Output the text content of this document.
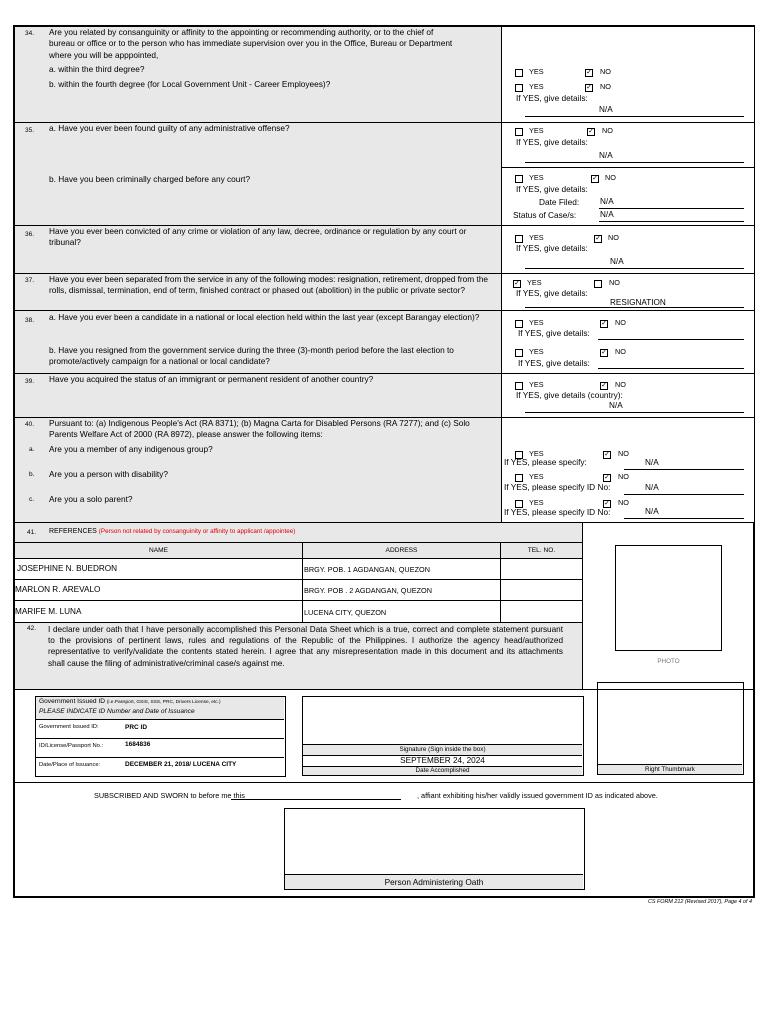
34. Are you related by consanguinity or affinity to the appointing or recommending authority, or to the chief of bureau or office or to the person who has immediate supervision over you in the Office, Bureau or Department where you will be apppointed,
a. within the third degree?
b. within the fourth degree (for Local Government Unit - Career Employees)?
YES	✓ NO
YES	✓ NO
If YES, give details:
N/A
35. a. Have you ever been found guilty of any administrative offense?
b. Have you been criminally charged before any court?
YES	✓ NO
If YES, give details:
N/A
YES	✓ NO
If YES, give details:
Date Filed:	N/A
Status of Case/s:	N/A
36. Have you ever been convicted of any crime or violation of any law, decree, ordinance or regulation by any court or tribunal?	YES	✓ NO
If YES, give details:
N/A
37. Have you ever been separated from the service in any of the following modes: resignation, retirement, dropped from the rolls, dismissal, termination, end of term, finished contract or phased out (abolition) in the public or private sector?
✓ YES	NO
If YES, give details:
RESIGNATION
38. a. Have you ever been a candidate in a national or local election held within the last year (except Barangay election)?
b. Have you resigned from the government service during the three (3)-month period before the last election to promote/actively campaign for a national or local candidate?
YES	✓ NO
If YES, give details:
YES	✓ NO
If YES, give details:
39. Have you acquired the status of an immigrant or permanent resident of another country?
YES	✓ NO
If YES, give details (country):
N/A
40. Pursuant to: (a) Indigenous People's Act (RA 8371); (b) Magna Carta for Disabled Persons (RA 7277); and (c) Solo Parents Welfare Act of 2000 (RA 8972), please answer the following items:
a. Are you a member of any indigenous group?
b. Are you a person with disability?
c. Are you a solo parent?
YES	✓ NO
If YES, please specify:	N/A
YES	✓ NO
If YES, please specify ID No:	N/A
YES	✓ NO
If YES, please specify ID No:	N/A
41. REFERENCES (Person not related by consanguinity or affinity to applicant /appointee)
NAME	ADDRESS	TEL. NO.
JOSEPHINE N. BUEDRON	BRGY. POB. 1 AGDANGAN, QUEZON
MARLON R. AREVALO	BRGY. POB . 2 AGDANGAN, QUEZON
MARIFE M. LUNA	LUCENA CITY, QUEZON
42. I declare under oath that I have personally accomplished this Personal Data Sheet which is a true, correct and complete statement pursuant to the provisions of pertinent laws, rules and regulations of the Republic of the Philippines. I authorize the agency head/authorized representative to verify/validate the contents stated herein. I agree that any misrepresentation made in this document and its attachments shall cause the filing of administrative/criminal case/s against me.	PHOTO
Government Issued ID (i.e.Passport, GSIS, SSS, PRC, Drivers License, etc.)
PLEASE INDICATE ID Number and Date of Issuance
Government Issued ID:	PRC ID
ID/License/Passport No.:	1684836
Date/Place of Issuance:	DECEMBER 21, 2018/ LUCENA CITY
Signature (Sign inside the box)
SEPTEMBER 24, 2024
Date Accomplished	Right Thumbmark
SUBSCRIBED AND SWORN to before me this	, affiant exhibiting his/her validly issued government ID as indicated above.
Person Administering Oath
CS FORM 212 (Revised 2017), Page 4 of 4
